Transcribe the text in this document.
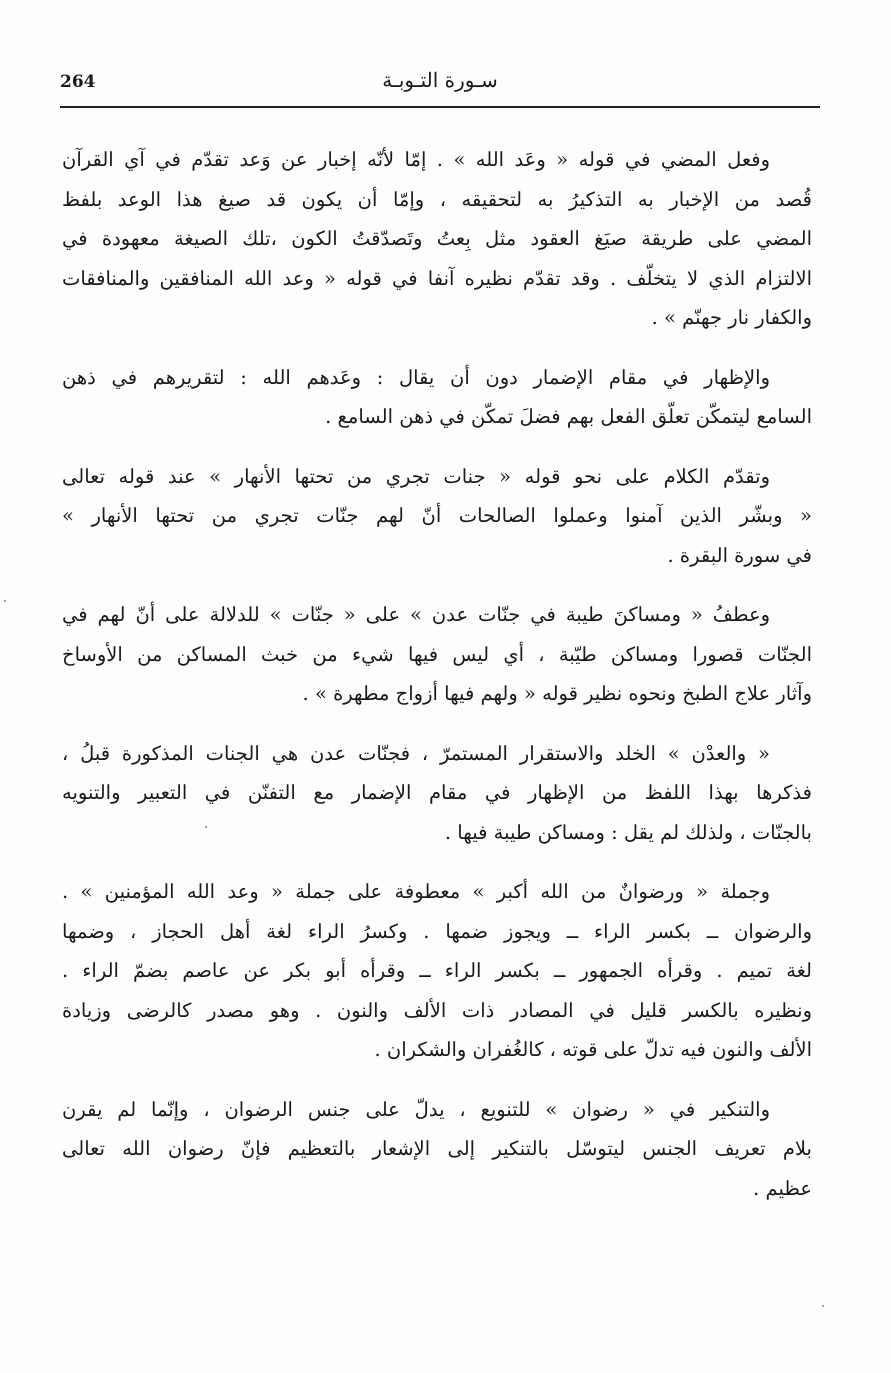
264	سـورة التـوبـة

وفعل المضي في قوله « وعَد الله » . إمّا لأنّه إخبار عن وَعد تقدّم في آي القرآن
قُصد من الإخبار به التذكيرُ به لتحقيقه ، وإمّا أن يكون قد صيغ هذا الوعد بلفظ
المضي على طريقة صيَغ العقود مثل بِعتُ وتَصدّقتُ الكون ،تلك الصيغة معهودة في
الالتزام الذي لا يتخلّف . وقد تقدّم نظيره آنفا في قوله « وعد الله المنافقين والمنافقات
والكفار نار جهنّم » .

والإظهار في مقام الإضمار دون أن يقال : وعَدهم الله : لتقريرهم في ذهن
السامع ليتمكّن تعلّق الفعل بهم فضلَ تمكّن في ذهن السامع .

وتقدّم الكلام على نحو قوله « جنات تجري من تحتها الأنهار » عند قوله تعالى
« وبشّر الذين آمنوا وعملوا الصالحات أنّ لهم جنّات تجري من تحتها الأنهار »
في سورة البقرة .

وعطفُ « ومساكنَ طيبة في جنّات عدن » على « جنّات » للدلالة على أنّ لهم في
الجنّات قصورا ومساكن طيّبة ، أي ليس فيها شيء من خبث المساكن من الأوساخ
وآثار علاج الطبخ ونحوه نظير قوله « ولهم فيها أزواج مطهرة » .

« والعدْن » الخلد والاستقرار المستمرّ ، فجنّات عدن هي الجنات المذكورة قبلُ ،
فذكرها بهذا اللفظ من الإظهار في مقام الإضمار مع التفنّن في التعبير والتنويه
بالجنّات ، ولذلك لم يقل : ومساكن طيبة فيها .

وجملة « ورضوانٌ من الله أكبر » معطوفة على جملة « وعد الله المؤمنين » .
والرضوان ــ بكسر الراء ــ ويجوز ضمها . وكسرُ الراء لغة أهل الحجاز ، وضمها
لغة تميم . وقرأه الجمهور ــ بكسر الراء ــ وقرأه أبو بكر عن عاصم بضمّ الراء .
ونظيره بالكسر قليل في المصادر ذات الألف والنون . وهو مصدر كالرضى وزيادة
الألف والنون فيه تدلّ على قوته ، كالغُفران والشكران .

والتنكير في « رضوان » للتنويع ، يدلّ على جنس الرضوان ، وإنّما لم يقرن
بلام تعريف الجنس ليتوسّل بالتنكير إلى الإشعار بالتعظيم فإنّ رضوان الله تعالى
عظيم .
